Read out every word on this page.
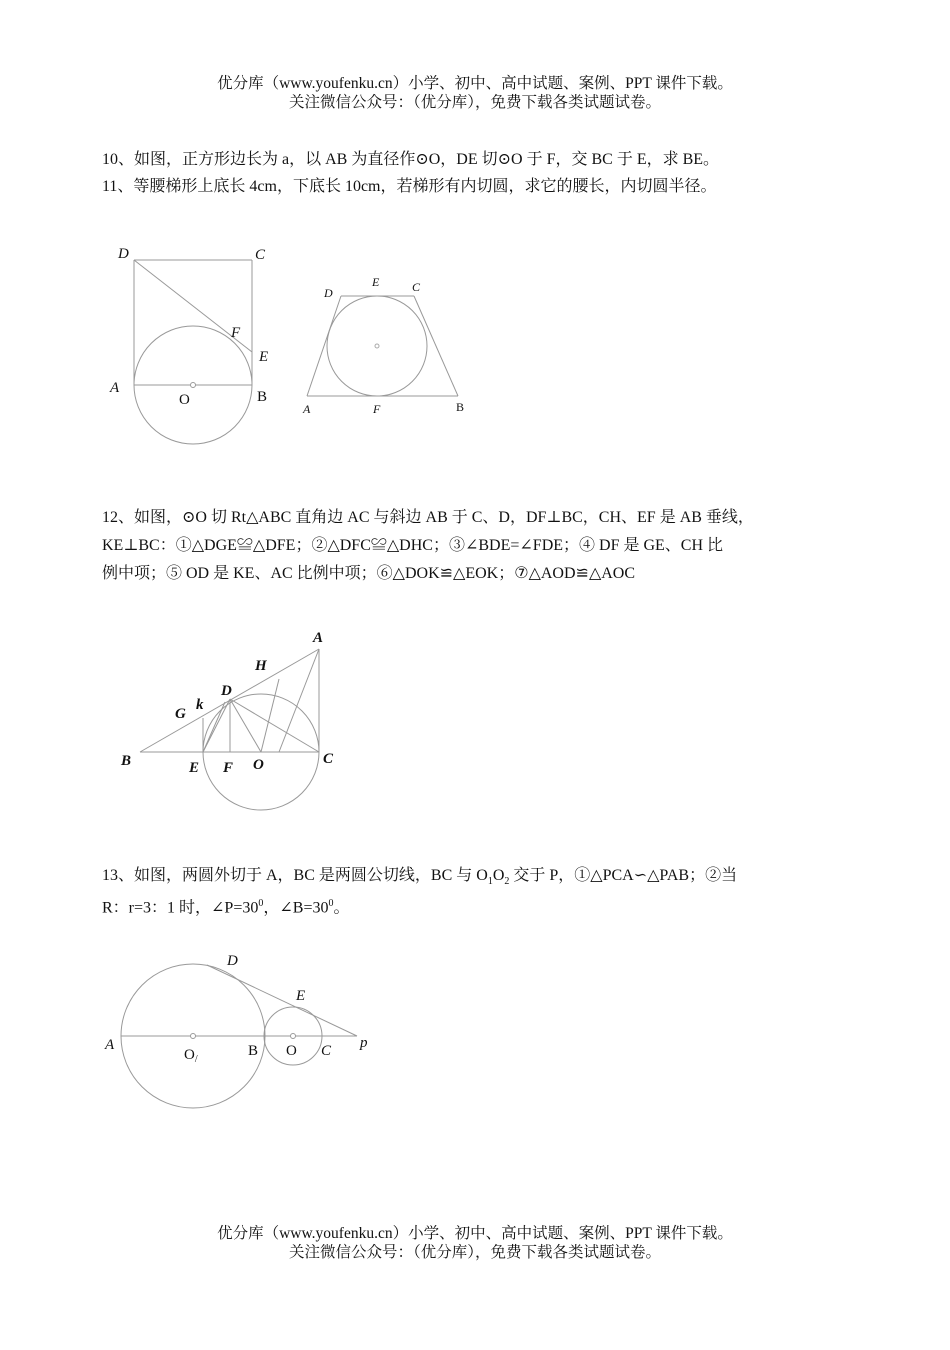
优分库（www.youfenku.cn）小学、初中、高中试题、案例、PPT 课件下载。
关注微信公众号：（优分库），免费下载各类试题试卷。
10、如图，正方形边长为 a，以 AB 为直径作⊙O，DE 切⊙O 于 F，交 BC 于 E，求 BE。
11、等腰梯形上底长 4cm，下底长 10cm，若梯形有内切圆，求它的腰长，内切圆半径。
D	C
F
E
A
O	B
D
E	C
A	F	B
12、如图，⊙O 切 Rt△ABC 直角边 AC 与斜边 AB 于 C、D，DF⊥BC，CH、EF 是 AB 垂线，
KE⊥BC：①△DGE≌△DFE；②△DFC≌△DHC；③∠BDE=∠FDE；④ DF 是 GE、CH 比
例中项；⑤ OD 是 KE、AC 比例中项；⑥△DOK≌△EOK；⑦△AOD≌△AOC
A
H
D
G
k
B	E F O	C
13、如图，两圆外切于 A，BC 是两圆公切线，BC 与 $O_1O_2$ 交于 P，①△PCA∽△PAB；②当
R：r=3：1 时，$\angle P=30^0$，$\angle B=30^0$。
D
E
A
$O_/$
B O C p
优分库（www.youfenku.cn）小学、初中、高中试题、案例、PPT 课件下载。
关注微信公众号：（优分库），免费下载各类试题试卷。
